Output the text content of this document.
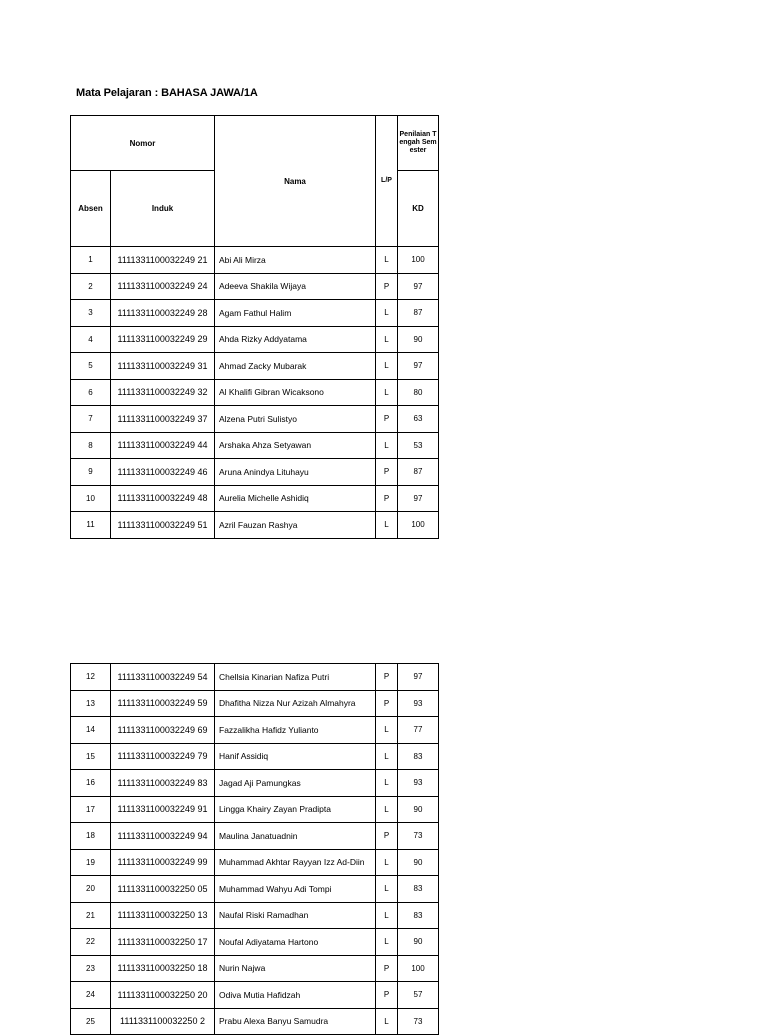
Mata Pelajaran : BAHASA JAWA/1A
Nomor		Nama	L/P	Penilaian Tengah Semester
Absen	Induk			KD
1	1111331100032249 21	Abi Ali Mirza	L	100
2	1111331100032249 24	Adeeva Shakila Wijaya	P	97
3	1111331100032249 28	Agam Fathul Halim	L	87
4	1111331100032249 29	Ahda Rizky Addyatama	L	90
5	1111331100032249 31	Ahmad Zacky Mubarak	L	97
6	1111331100032249 32	Al Khalifi Gibran Wicaksono	L	80
7	1111331100032249 37	Alzena Putri Sulistyo	P	63
8	1111331100032249 44	Arshaka Ahza Setyawan	L	53
9	1111331100032249 46	Aruna Anindya Lituhayu	P	87
10	1111331100032249 48	Aurelia Michelle Ashidiq	P	97
11	1111331100032249 51	Azril Fauzan Rashya	L	100
12	1111331100032249 54	Chellsia Kinarian Nafiza Putri	P	97
13	1111331100032249 59	Dhafitha Nizza Nur Azizah Almahyra	P	93
14	1111331100032249 69	Fazzalikha Hafidz Yulianto	L	77
15	1111331100032249 79	Hanif Assidiq	L	83
16	1111331100032249 83	Jagad Aji Pamungkas	L	93
17	1111331100032249 91	Lingga Khairy Zayan Pradipta	L	90
18	1111331100032249 94	Maulina Janatuadnin	P	73
19	1111331100032249 99	Muhammad Akhtar Rayyan Izz Ad-Diin	L	90
20	1111331100032250 05	Muhammad Wahyu Adi Tompi	L	83
21	1111331100032250 13	Naufal Riski Ramadhan	L	83
22	1111331100032250 17	Noufal Adiyatama Hartono	L	90
23	1111331100032250 18	Nurin Najwa	P	100
24	1111331100032250 20	Odiva Mutia Hafidzah	P	57
25	1111331100032250 2	Prabu Alexa Banyu Samudra	L	73
